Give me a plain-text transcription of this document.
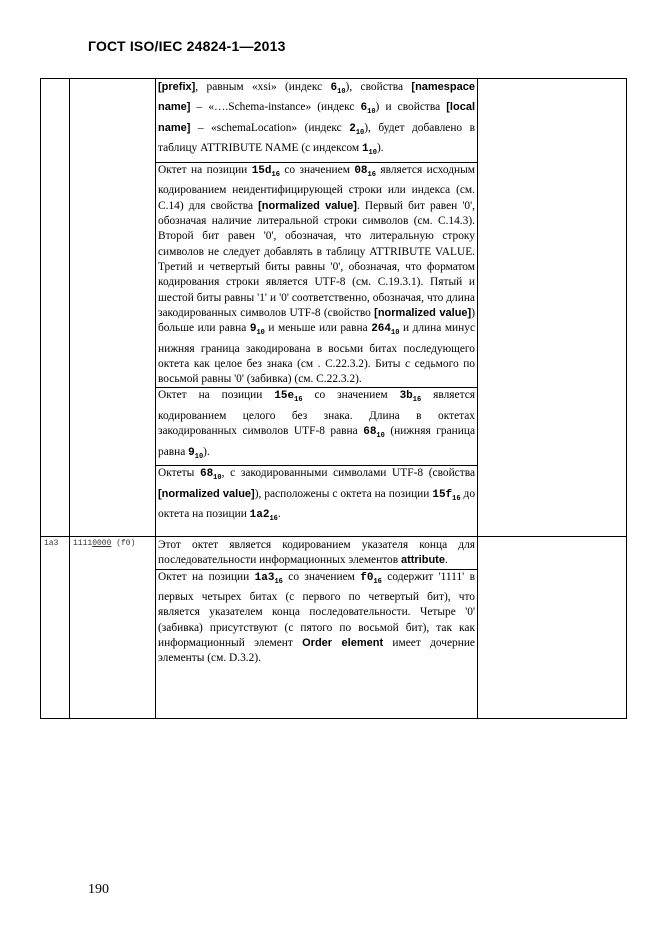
ГОСТ ISO/IEC 24824-1—2013

		[prefix], равным «xsi» (индекс $6_{10}$), свойства [namespace name] – «….Schema-instance» (индекс $6_{10}$) и свойства [local name] – «schemaLocation» (индекс $2_{10}$), будет добавлено в таблицу ATTRIBUTE NAME (с индексом $1_{10}$).

Октет на позиции $15d_{16}$ со значением $08_{16}$ является исходным кодированием неидентифицирующей строки или индекса (см. С.14) для свойства [normalized value]. Первый бит равен '0', обозначая наличие литеральной строки символов (см. С.14.3). Второй бит равен '0', обозначая, что литеральную строку символов не следует добавлять в таблицу ATTRIBUTE VALUE. Третий и четвертый биты равны '0', обозначая, что форматом кодирования строки является UTF-8 (см. С.19.3.1). Пятый и шестой биты равны '1' и '0' соответственно, обозначая, что длина закодированных символов UTF-8 (свойство [normalized value]) больше или равна $9_{10}$ и меньше или равна $264_{10}$ и длина минус нижняя граница закодирована в восьми битах последующего октета как целое без знака (см . С.22.3.2). Биты с седьмого по восьмой равны '0' (забивка) (см. С.22.3.2).

Октет на позиции $15e_{16}$ со значением $3b_{16}$ является кодированием целого без знака. Длина в октетах закодированных символов UTF-8 равна $68_{10}$ (нижняя граница равна $9_{10}$).

Октеты $68_{10}$, с закодированными символами UTF-8 (свойства [normalized value]), расположены с октета на позиции $15f_{16}$ до октета на позиции $1a2_{16}$.	

1a3	11110000 (f0)	Этот октет является кодированием указателя конца для последовательности информационных элементов attribute.

Октет на позиции $1a3_{16}$ со значением $f0_{16}$ содержит '1111' в первых четырех битах (с первого по четвертый бит), что является указателем конца последовательности. Четыре '0' (забивка) присутствуют (с пятого по восьмой бит), так как информационный элемент Order element имеет дочерние элементы (см. D.3.2).	

190
